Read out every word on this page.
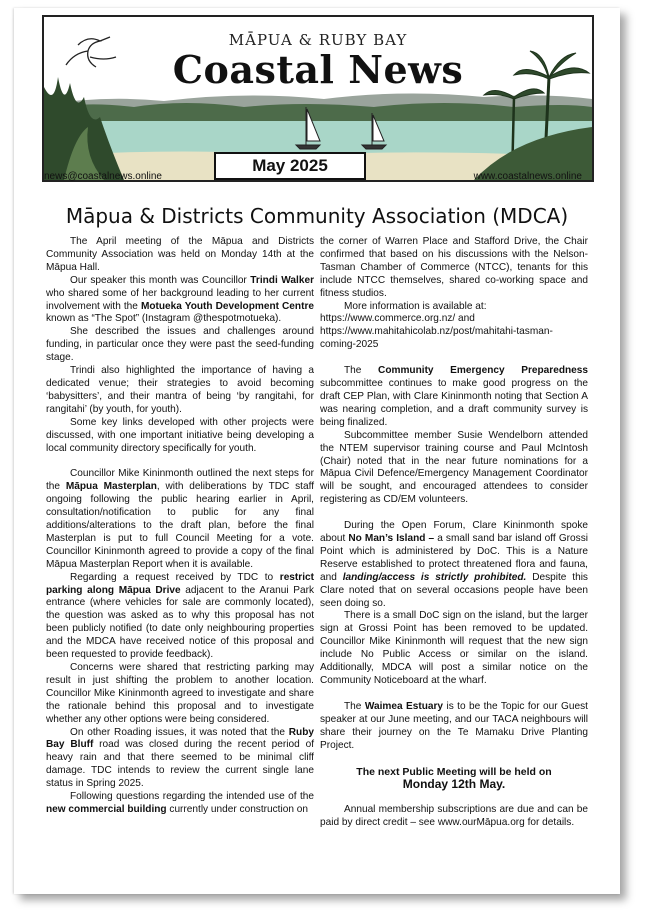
MĀPUA & RUBY BAY
Coastal News
May 2025
news@coastalnews.online	www.coastalnews.online
Māpua & Districts Community Association (MDCA)

The April meeting of the Māpua and Districts Community Association was held on Monday 14th at the Māpua Hall.

Our speaker this month was Councillor Trindi Walker who shared some of her background leading to her current involvement with the Motueka Youth Development Centre known as “The Spot” (Instagram @thespotmotueka).

She described the issues and challenges around funding, in particular once they were past the seed-funding stage.

Trindi also highlighted the importance of having a dedicated venue; their strategies to avoid becoming ‘babysitters’, and their mantra of being ‘by rangitahi, for rangitahi’ (by youth, for youth).

Some key links developed with other projects were discussed, with one important initiative being developing a local community directory specifically for youth.

Councillor Mike Kininmonth outlined the next steps for the Māpua Masterplan, with deliberations by TDC staff ongoing following the public hearing earlier in April, consultation/notification to public for any final additions/alterations to the draft plan, before the final Masterplan is put to full Council Meeting for a vote. Councillor Kininmonth agreed to provide a copy of the final Māpua Masterplan Report when it is available.

Regarding a request received by TDC to restrict parking along Māpua Drive adjacent to the Aranui Park entrance (where vehicles for sale are commonly located), the question was asked as to why this proposal has not been publicly notified (to date only neighbouring properties and the MDCA have received notice of this proposal and been requested to provide feedback).

Concerns were shared that restricting parking may result in just shifting the problem to another location. Councillor Mike Kininmonth agreed to investigate and share the rationale behind this proposal and to investigate whether any other options were being considered.

On other Roading issues, it was noted that the Ruby Bay Bluff road was closed during the recent period of heavy rain and that there seemed to be minimal cliff damage. TDC intends to review the current single lane status in Spring 2025.

Following questions regarding the intended use of the new commercial building currently under construction on

the corner of Warren Place and Stafford Drive, the Chair confirmed that based on his discussions with the Nelson-Tasman Chamber of Commerce (NTCC), tenants for this include NTCC themselves, shared co-working space and fitness studios.

More information is available at:

https://www.commerce.org.nz/ and

https://www.mahitahicolab.nz/post/mahitahi-tasman-coming-2025

The Community Emergency Preparedness subcommittee continues to make good progress on the draft CEP Plan, with Clare Kininmonth noting that Section A was nearing completion, and a draft community survey is being finalized.

Subcommittee member Susie Wendelborn attended the NTEM supervisor training course and Paul McIntosh (Chair) noted that in the near future nominations for a Māpua Civil Defence/Emergency Management Coordinator will be sought, and encouraged attendees to consider registering as CD/EM volunteers.

During the Open Forum, Clare Kininmonth spoke about No Man’s Island – a small sand bar island off Grossi Point which is administered by DoC. This is a Nature Reserve established to protect threatened flora and fauna, and landing/access is strictly prohibited. Despite this Clare noted that on several occasions people have been seen doing so.

There is a small DoC sign on the island, but the larger sign at Grossi Point has been removed to be updated. Councillor Mike Kininmonth will request that the new sign include No Public Access or similar on the island. Additionally, MDCA will post a similar notice on the Community Noticeboard at the wharf.

The Waimea Estuary is to be the Topic for our Guest speaker at our June meeting, and our TACA neighbours will share their journey on the Te Mamaku Drive Planting Project.

The next Public Meeting will be held on

Monday 12th May.

Annual membership subscriptions are due and can be paid by direct credit – see www.ourMāpua.org for details.
